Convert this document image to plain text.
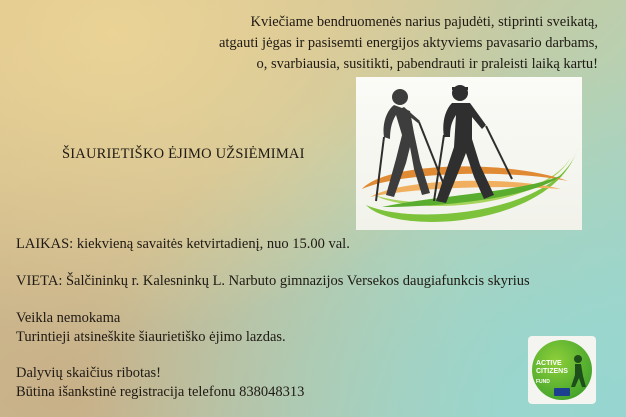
Kviečiame bendruomenės narius pajudėti, stiprinti sveikatą,
atgauti jėgas ir pasisemti energijos aktyviems pavasario darbams,
o, svarbiausia, susitikti, pabendrauti ir praleisti laiką kartu!
ŠIAURIETIŠKO ĖJIMO UŽSIĖMIMAI
LAIKAS: kiekvieną savaitės ketvirtadienį, nuo 15.00 val.
VIETA: Šalčininkų r. Kalesninkų L. Narbuto gimnazijos Versekos daugiafunkcis skyrius
Veikla nemokama
Turintieji atsineškite šiaurietiško ėjimo lazdas.
Dalyvių skaičius ribotas!
Būtina išankstinė registracija telefonu 838048313
ACTIVE
CITIZENS
FUND
